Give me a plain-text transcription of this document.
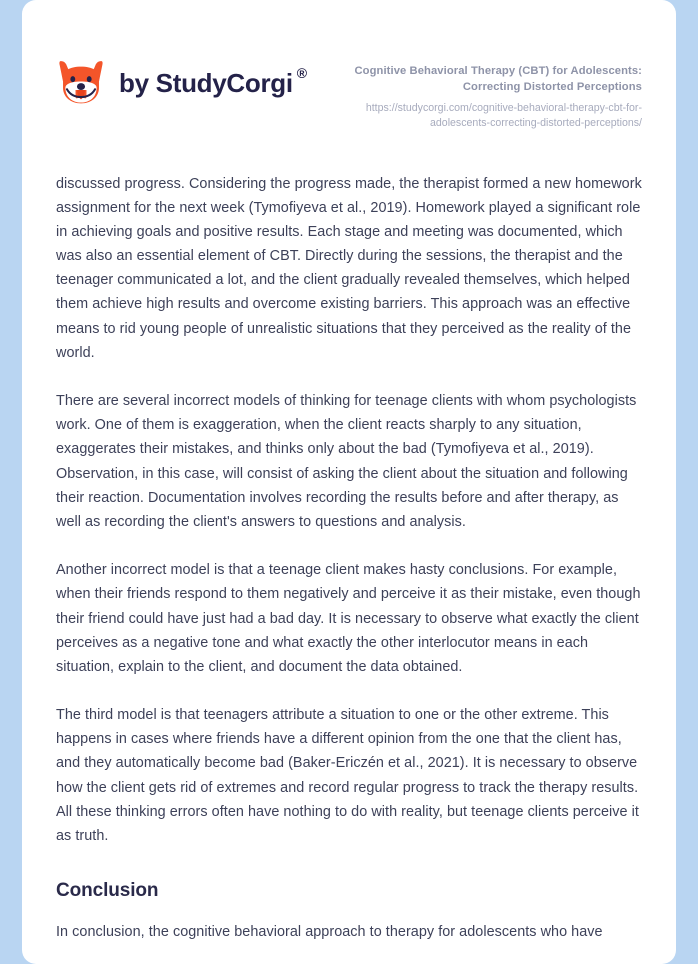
by StudyCorgi ®	Cognitive Behavioral Therapy (CBT) for Adolescents: Correcting Distorted Perceptions
https://studycorgi.com/cognitive-behavioral-therapy-cbt-for-adolescents-correcting-distorted-perceptions/

discussed progress. Considering the progress made, the therapist formed a new homework assignment for the next week (Tymofiyeva et al., 2019). Homework played a significant role in achieving goals and positive results. Each stage and meeting was documented, which was also an essential element of CBT. Directly during the sessions, the therapist and the teenager communicated a lot, and the client gradually revealed themselves, which helped them achieve high results and overcome existing barriers. This approach was an effective means to rid young people of unrealistic situations that they perceived as the reality of the world.

There are several incorrect models of thinking for teenage clients with whom psychologists work. One of them is exaggeration, when the client reacts sharply to any situation, exaggerates their mistakes, and thinks only about the bad (Tymofiyeva et al., 2019). Observation, in this case, will consist of asking the client about the situation and following their reaction. Documentation involves recording the results before and after therapy, as well as recording the client's answers to questions and analysis.

Another incorrect model is that a teenage client makes hasty conclusions. For example, when their friends respond to them negatively and perceive it as their mistake, even though their friend could have just had a bad day. It is necessary to observe what exactly the client perceives as a negative tone and what exactly the other interlocutor means in each situation, explain to the client, and document the data obtained.

The third model is that teenagers attribute a situation to one or the other extreme. This happens in cases where friends have a different opinion from the one that the client has, and they automatically become bad (Baker-Ericzén et al., 2021). It is necessary to observe how the client gets rid of extremes and record regular progress to track the therapy results. All these thinking errors often have nothing to do with reality, but teenage clients perceive it as truth.

Conclusion

In conclusion, the cognitive behavioral approach to therapy for adolescents who have
